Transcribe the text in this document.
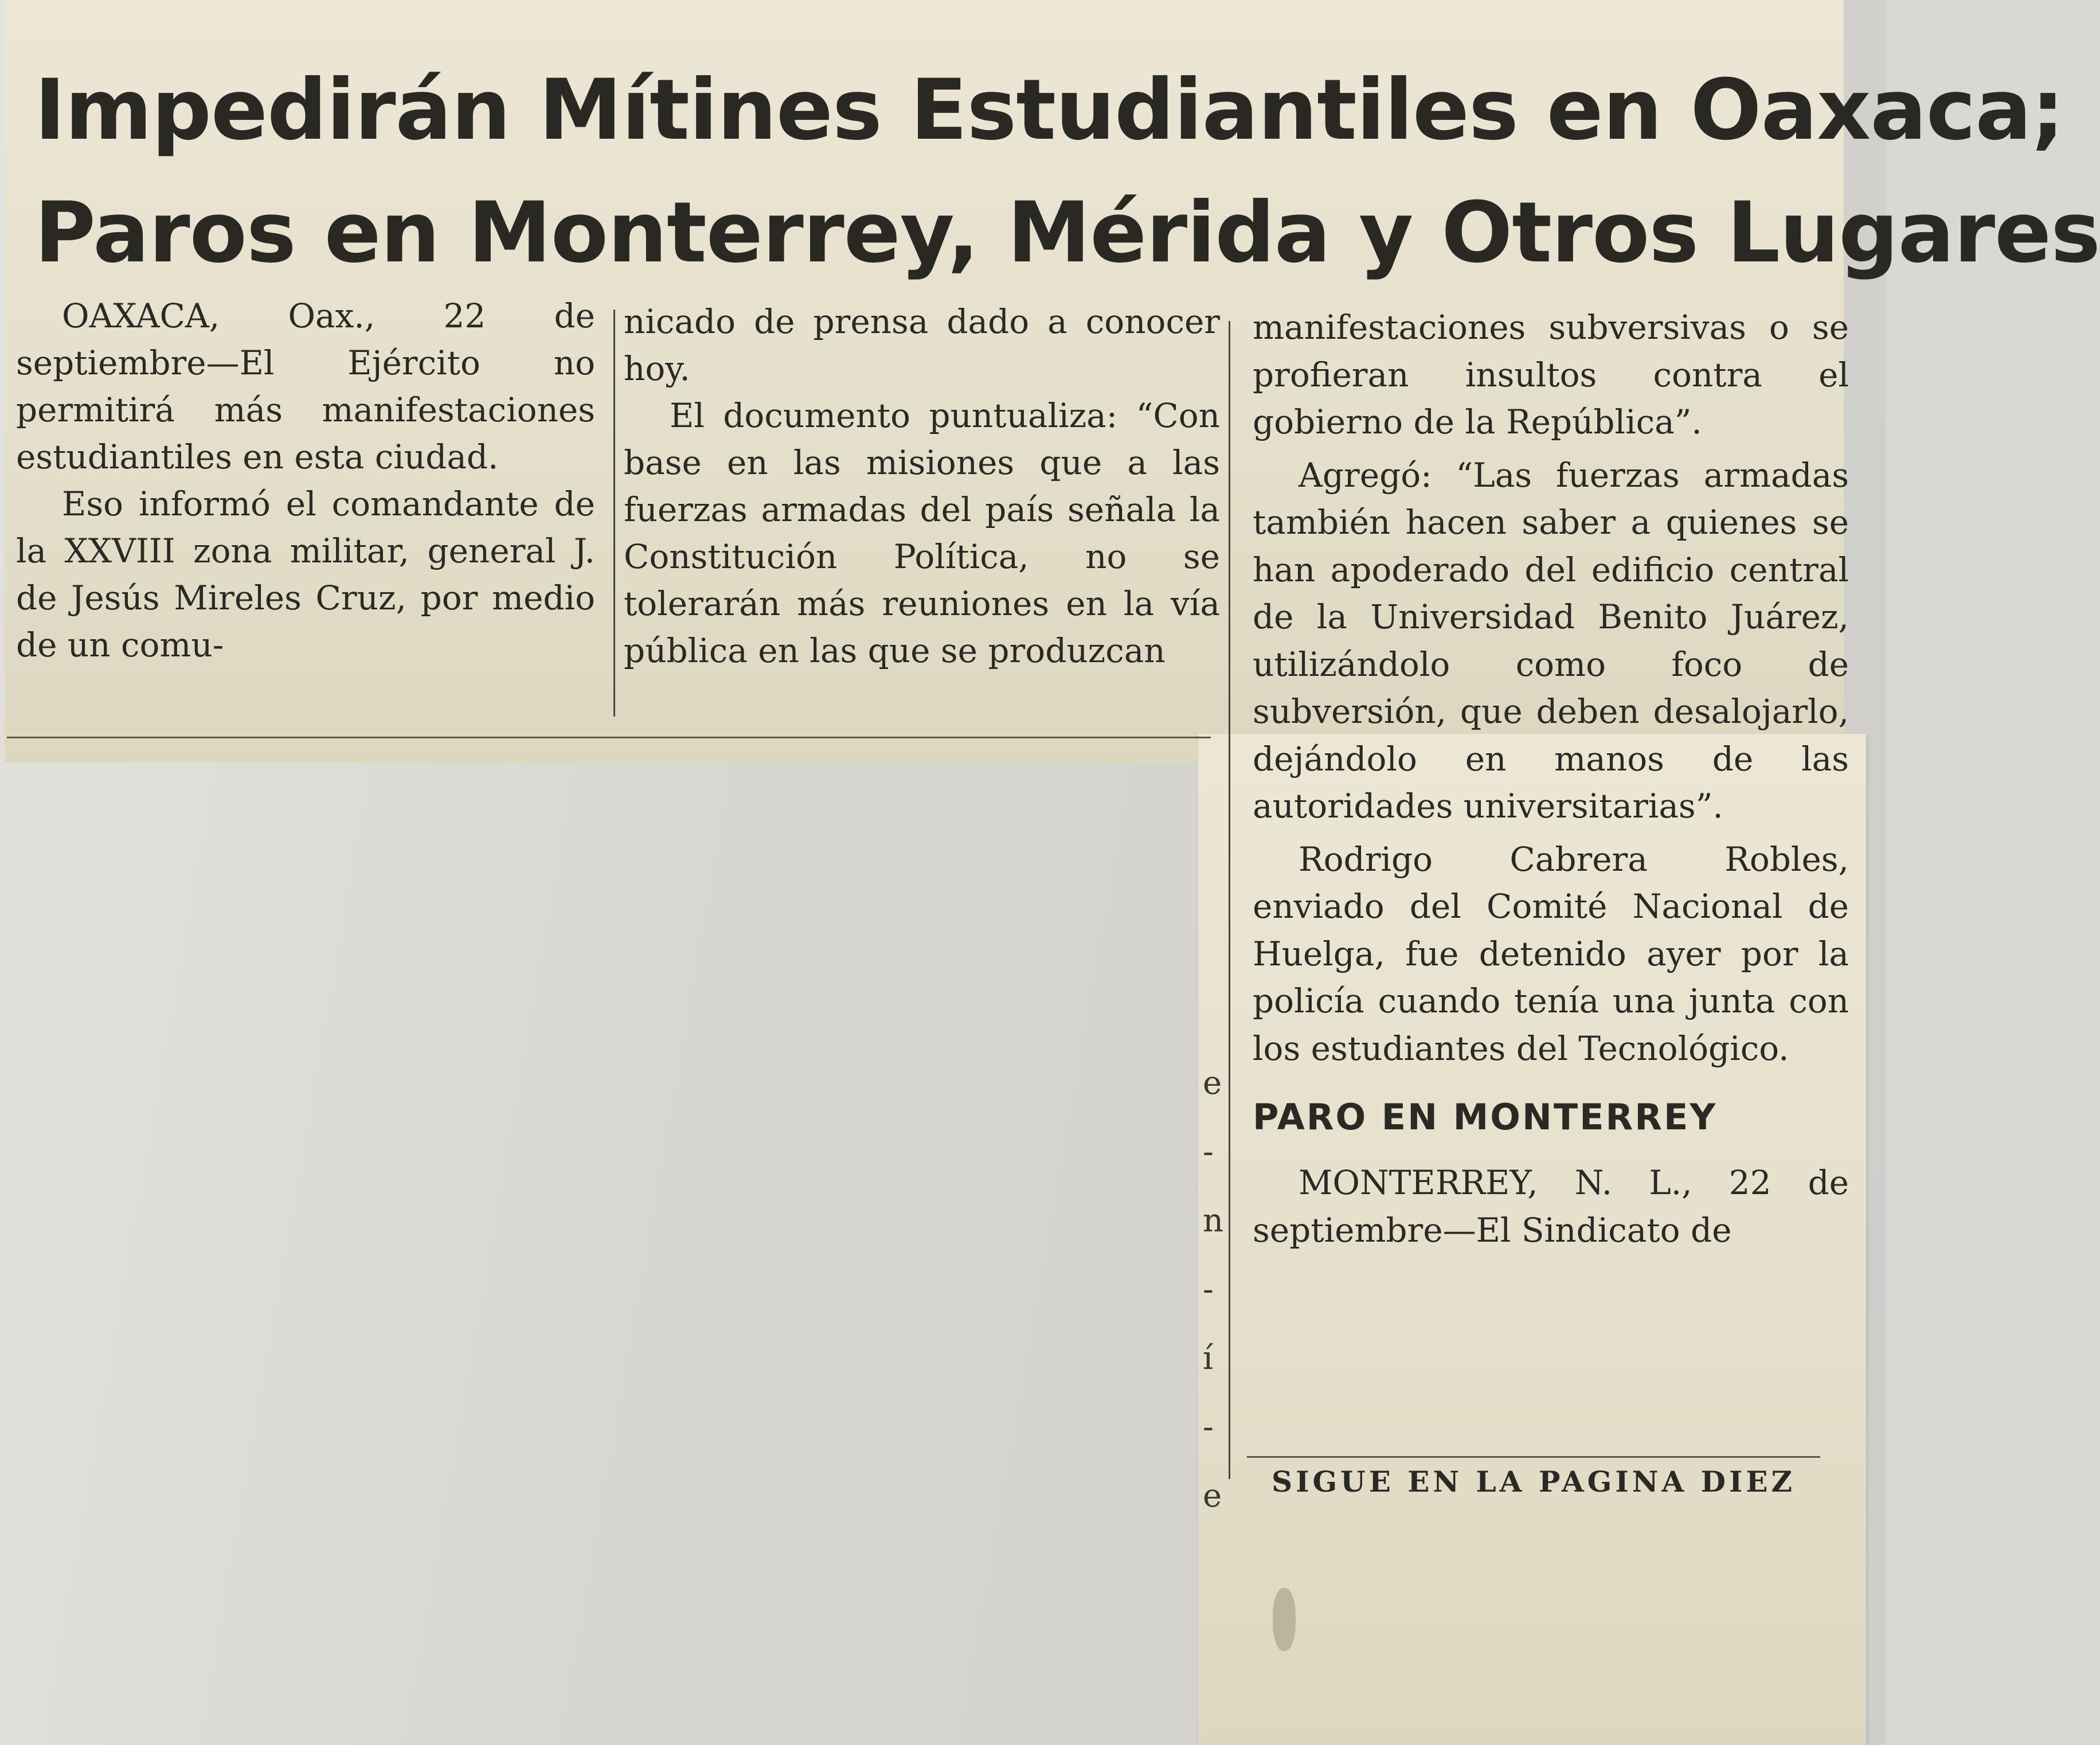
Impedirán Mítines Estudiantiles en Oaxaca;
Paros en Monterrey, Mérida y Otros Lugares

OAXACA, Oax., 22 de septiembre—El Ejército no permitirá más manifestaciones estudiantiles en esta ciudad.

Eso informó el comandante de la XXVIII zona militar, general J. de Jesús Mireles Cruz, por medio de un comu-

nicado de prensa dado a conocer hoy.

El documento puntualiza: “Con base en las misiones que a las fuerzas armadas del país señala la Constitución Política, no se tolerarán más reuniones en la vía pública en las que se produzcan

manifestaciones subversivas o se profieran insultos contra el gobierno de la República”.

Agregó: “Las fuerzas armadas también hacen saber a quienes se han apoderado del edificio central de la Universidad Benito Juárez, utilizándolo como foco de subversión, que deben desalojarlo, dejándolo en manos de las autoridades universitarias”.

Rodrigo Cabrera Robles, enviado del Comité Nacional de Huelga, fue detenido ayer por la policía cuando tenía una junta con los estudiantes del Tecnológico.

PARO EN MONTERREY

MONTERREY, N. L., 22 de septiembre—El Sindicato de

SIGUE EN LA PAGINA DIEZ
e
-
n
-
í
-
e
